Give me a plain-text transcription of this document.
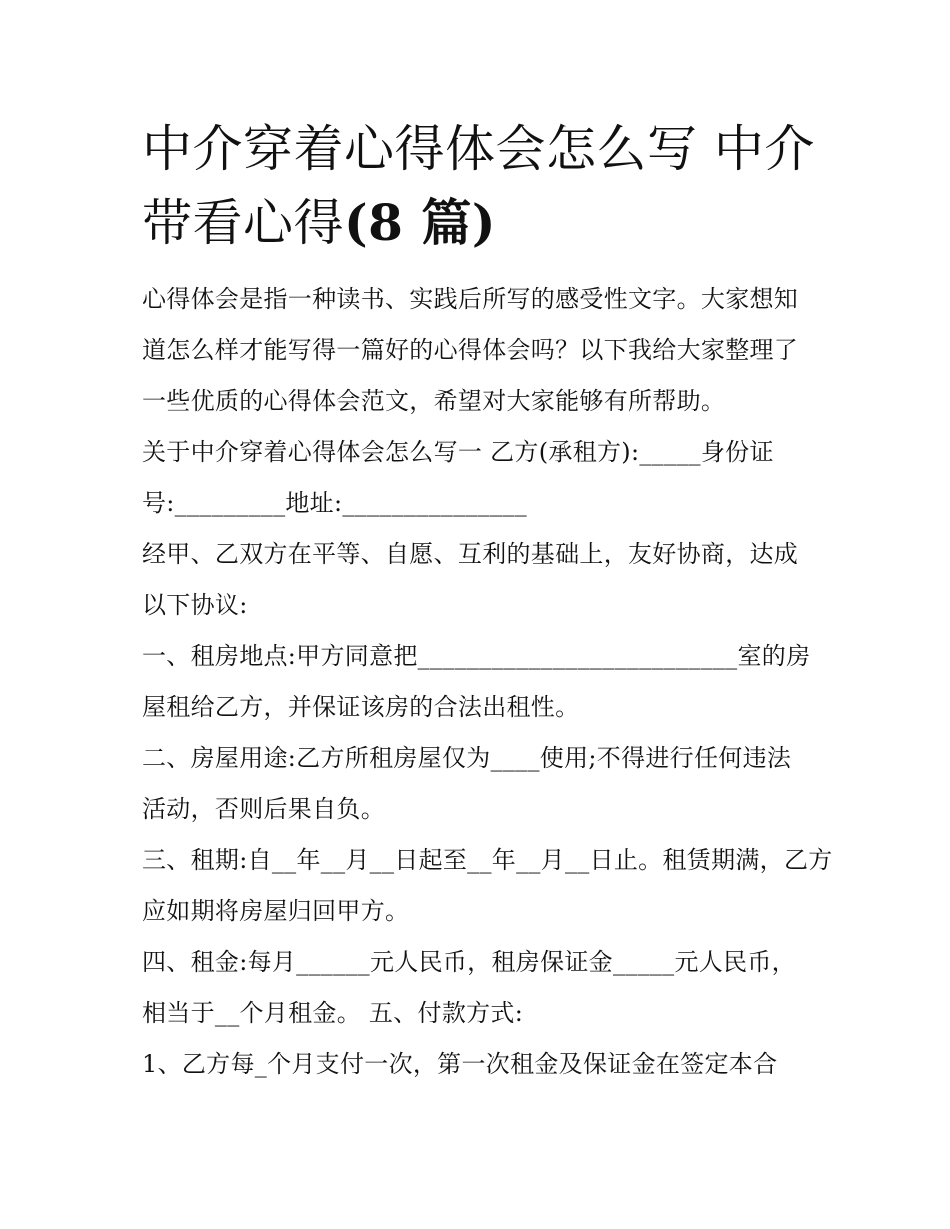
中介穿着心得体会怎么写 中介
带看心得(8 篇)
心得体会是指一种读书、实践后所写的感受性文字。大家想知
道怎么样才能写得一篇好的心得体会吗？以下我给大家整理了
一些优质的心得体会范文，希望对大家能够有所帮助。
关于中介穿着心得体会怎么写一 乙方(承租方):_____身份证
号:_________地址:_______________
经甲、乙双方在平等、自愿、互利的基础上，友好协商，达成
以下协议:
一、租房地点:甲方同意把__________________________室的房
屋租给乙方，并保证该房的合法出租性。
二、房屋用途:乙方所租房屋仅为____使用;不得进行任何违法
活动，否则后果自负。
三、租期:自__年__月__日起至__年__月__日止。租赁期满，乙方
应如期将房屋归回甲方。
四、租金:每月______元人民币，租房保证金_____元人民币，
相当于__个月租金。 五、付款方式:
1、乙方每_个月支付一次，第一次租金及保证金在签定本合
